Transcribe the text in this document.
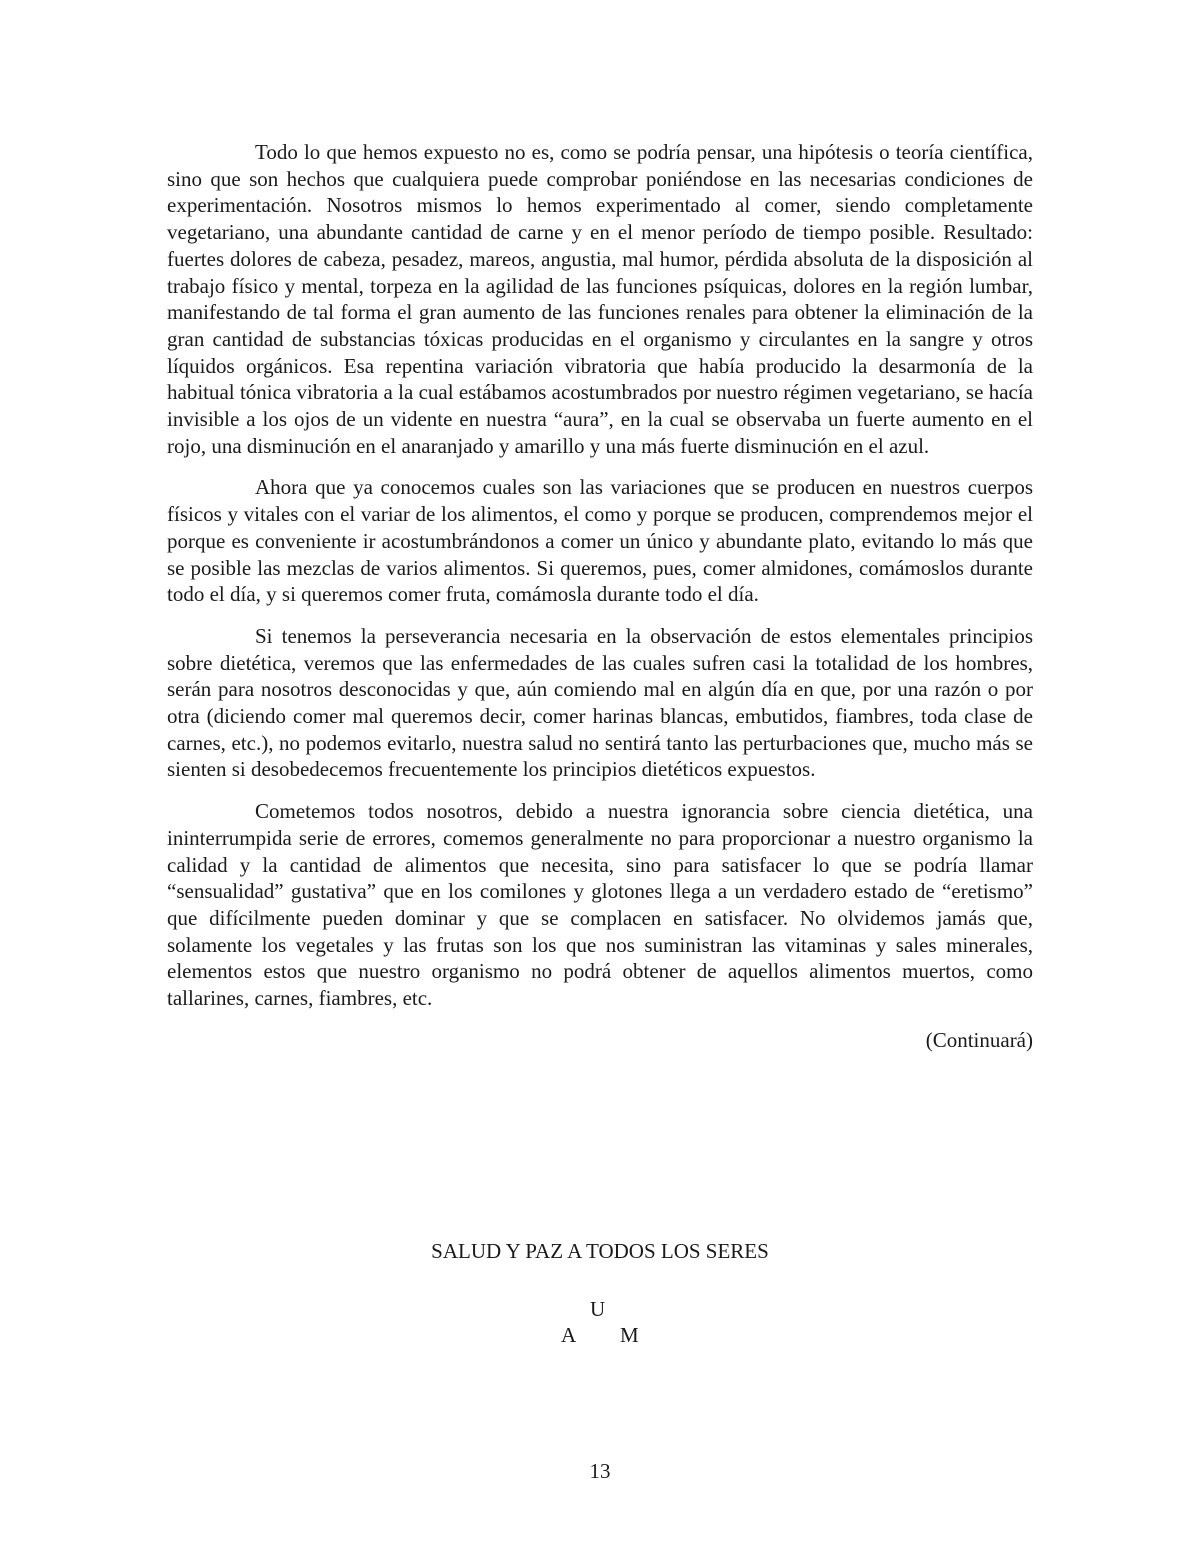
Todo lo que hemos expuesto no es, como se podría pensar, una hipótesis o teoría científica, sino que son hechos que cualquiera puede comprobar poniéndose en las necesarias condiciones de experimentación. Nosotros mismos lo hemos experimentado al comer, siendo completamente vegetariano, una abundante cantidad de carne y en el menor período de tiempo posible. Resultado: fuertes dolores de cabeza, pesadez, mareos, angustia, mal humor, pérdida absoluta de la disposición al trabajo físico y mental, torpeza en la agilidad de las funciones psíquicas, dolores en la región lumbar, manifestando de tal forma el gran aumento de las funciones renales para obtener la eliminación de la gran cantidad de substancias tóxicas producidas en el organismo y circulantes en la sangre y otros líquidos orgánicos. Esa repentina variación vibratoria que había producido la desarmonía de la habitual tónica vibratoria a la cual estábamos acostumbrados por nuestro régimen vegetariano, se hacía invisible a los ojos de un vidente en nuestra “aura”, en la cual se observaba un fuerte aumento en el rojo, una disminución en el anaranjado y amarillo y una más fuerte disminución en el azul.

Ahora que ya conocemos cuales son las variaciones que se producen en nuestros cuerpos físicos y vitales con el variar de los alimentos, el como y porque se producen, comprendemos mejor el porque es conveniente ir acostumbrándonos a comer un único y abundante plato, evitando lo más que se posible las mezclas de varios alimentos. Si queremos, pues, comer almidones, comámoslos durante todo el día, y si queremos comer fruta, comámosla durante todo el día.

Si tenemos la perseverancia necesaria en la observación de estos elementales principios sobre dietética, veremos que las enfermedades de las cuales sufren casi la totalidad de los hombres, serán para nosotros desconocidas y que, aún comiendo mal en algún día en que, por una razón o por otra (diciendo comer mal queremos decir, comer harinas blancas, embutidos, fiambres, toda clase de carnes, etc.), no podemos evitarlo, nuestra salud no sentirá tanto las perturbaciones que, mucho más se sienten si desobedecemos frecuentemente los principios dietéticos expuestos.

Cometemos todos nosotros, debido a nuestra ignorancia sobre ciencia dietética, una ininterrumpida serie de errores, comemos generalmente no para proporcionar a nuestro organismo la calidad y la cantidad de alimentos que necesita, sino para satisfacer lo que se podría llamar “sensualidad” gustativa” que en los comilones y glotones llega a un verdadero estado de “eretismo” que difícilmente pueden dominar y que se complacen en satisfacer. No olvidemos jamás que, solamente los vegetales y las frutas son los que nos suministran las vitaminas y sales minerales, elementos estos que nuestro organismo no podrá obtener de aquellos alimentos muertos, como tallarines, carnes, fiambres, etc.

(Continuará)

SALUD Y PAZ A TODOS LOS SERES
U
A M
13
